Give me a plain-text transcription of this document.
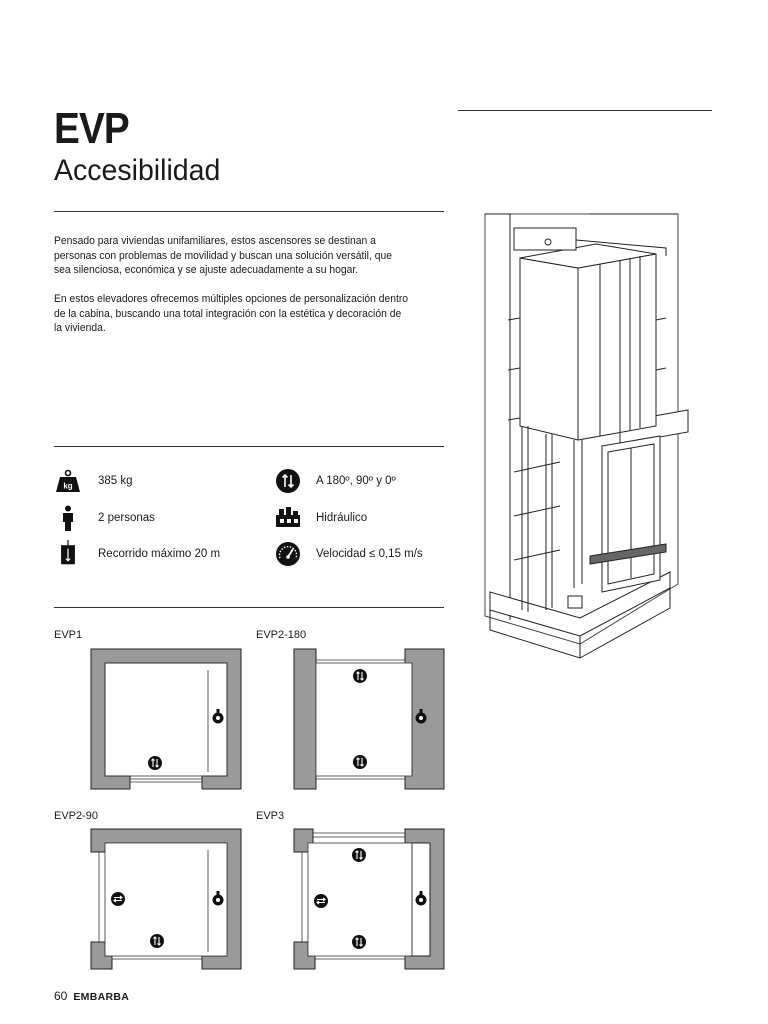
EVP
Accesibilidad
Pensado para viviendas unifamiliares, estos ascensores se destinan a personas con problemas de movilidad y buscan una solución versátil, que sea silenciosa, económica y se ajuste adecuadamente a su hogar.
En estos elevadores ofrecemos múltiples opciones de personalización dentro de la cabina, buscando una total integración con la estética y decoración de la vivienda.
kg 385 kg	A 180º, 90º y 0º
2 personas	Hidráulico
Recorrido máximo 20 m	Velocidad ≤ 0,15 m/s
EVP1	EVP2-180
EVP2-90	EVP3
60 EMBARBA
